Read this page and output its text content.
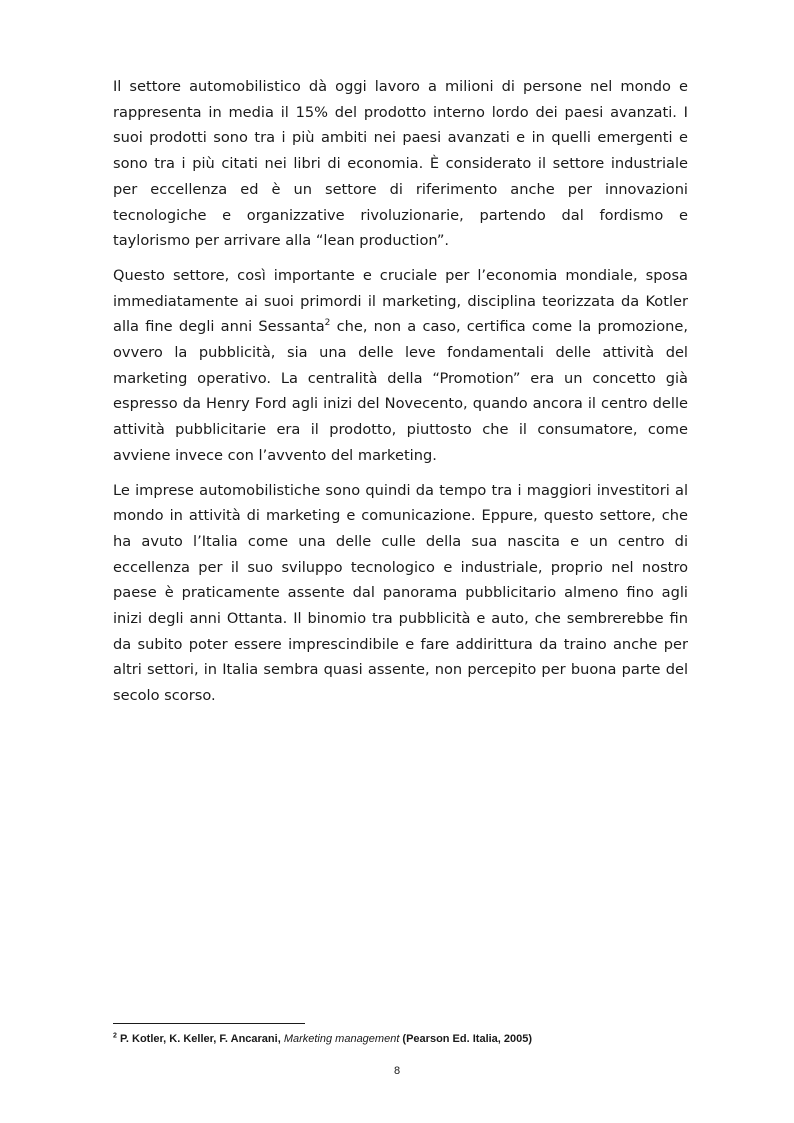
Il settore automobilistico dà oggi lavoro a milioni di persone nel mondo e rappresenta in media il 15% del prodotto interno lordo dei paesi avanzati. I suoi prodotti sono tra i più ambiti nei paesi avanzati e in quelli emergenti e sono tra i più citati nei libri di economia. È considerato il settore industriale per eccellenza ed è un settore di riferimento anche per innovazioni tecnologiche e organizzative rivoluzionarie, partendo dal fordismo e taylorismo per arrivare alla “lean production”.

Questo settore, così importante e cruciale per l’economia mondiale, sposa immediatamente ai suoi primordi il marketing, disciplina teorizzata da Kotler alla fine degli anni Sessanta$^2$ che, non a caso, certifica come la promozione, ovvero la pubblicità, sia una delle leve fondamentali delle attività del marketing operativo. La centralità della “Promotion” era un concetto già espresso da Henry Ford agli inizi del Novecento, quando ancora il centro delle attività pubblicitarie era il prodotto, piuttosto che il consumatore, come avviene invece con l’avvento del marketing.

Le imprese automobilistiche sono quindi da tempo tra i maggiori investitori al mondo in attività di marketing e comunicazione. Eppure, questo settore, che ha avuto l’Italia come una delle culle della sua nascita e un centro di eccellenza per il suo sviluppo tecnologico e industriale, proprio nel nostro paese è praticamente assente dal panorama pubblicitario almeno fino agli inizi degli anni Ottanta. Il binomio tra pubblicità e auto, che sembrerebbe fin da subito poter essere imprescindibile e fare addirittura da traino anche per altri settori, in Italia sembra quasi assente, non percepito per buona parte del secolo scorso.

$^2$ P. Kotler, K. Keller, F. Ancarani, Marketing management (Pearson Ed. Italia, 2005)
8
